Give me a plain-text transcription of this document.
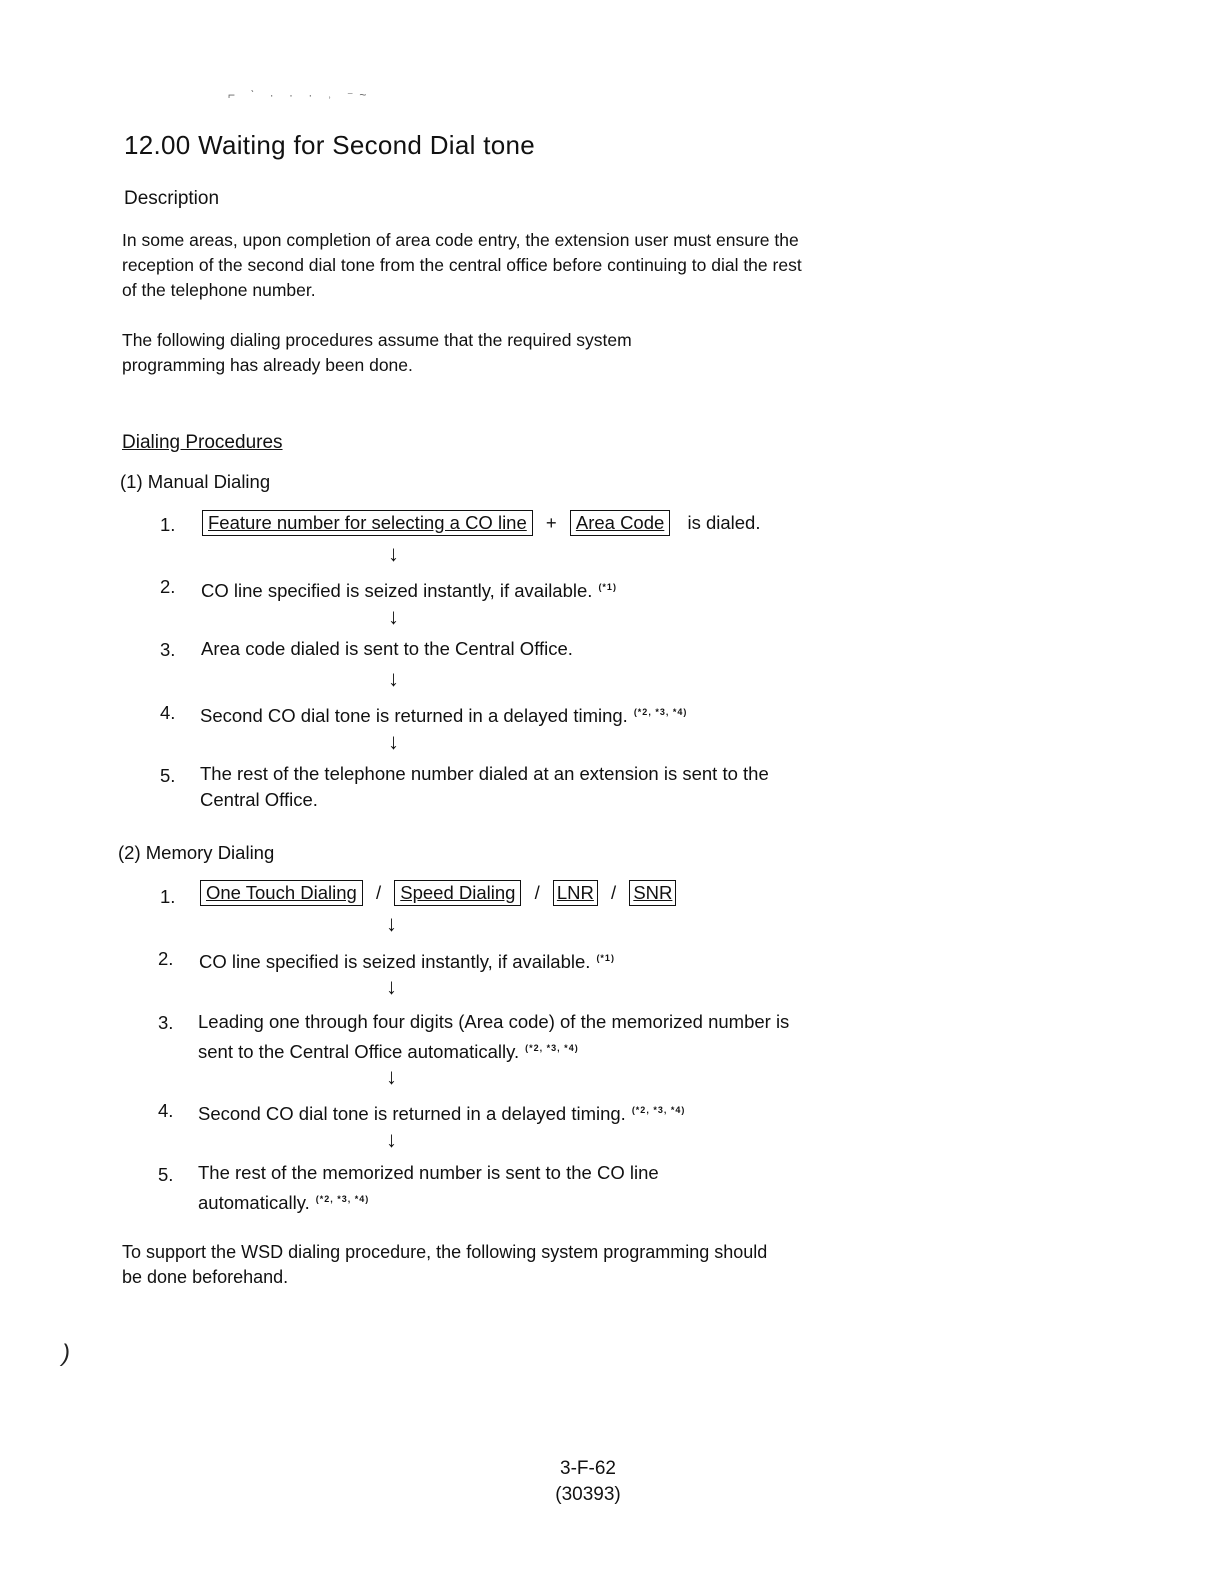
⌐ ˋ · · · ˒ ⁻~
12.00 Waiting for Second Dial tone
Description
In some areas, upon completion of area code entry, the extension user must ensure the reception of the second dial tone from the central office before continuing to dial the rest of the telephone number.
The following dialing procedures assume that the required system programming has already been done.
Dialing Procedures
(1) Manual Dialing
1.	Feature number for selecting a CO line + Area Code is dialed.
↓
2. CO line specified is seized instantly, if available. $^{(*1)}$
↓
3. Area code dialed is sent to the Central Office.
↓
4. Second CO dial tone is returned in a delayed timing. $^{(*2, *3, *4)}$
↓
5. The rest of the telephone number dialed at an extension is sent to the Central Office.
(2) Memory Dialing
1.	One Touch Dialing / Speed Dialing / LNR / SNR
↓
2. CO line specified is seized instantly, if available. $^{(*1)}$
↓
3. Leading one through four digits (Area code) of the memorized number is sent to the Central Office automatically. $^{(*2, *3, *4)}$
↓
4. Second CO dial tone is returned in a delayed timing. $^{(*2, *3, *4)}$
↓
5. The rest of the memorized number is sent to the CO line automatically. $^{(*2, *3, *4)}$
To support the WSD dialing procedure, the following system programming should be done beforehand.
)
3-F-62
(30393)
